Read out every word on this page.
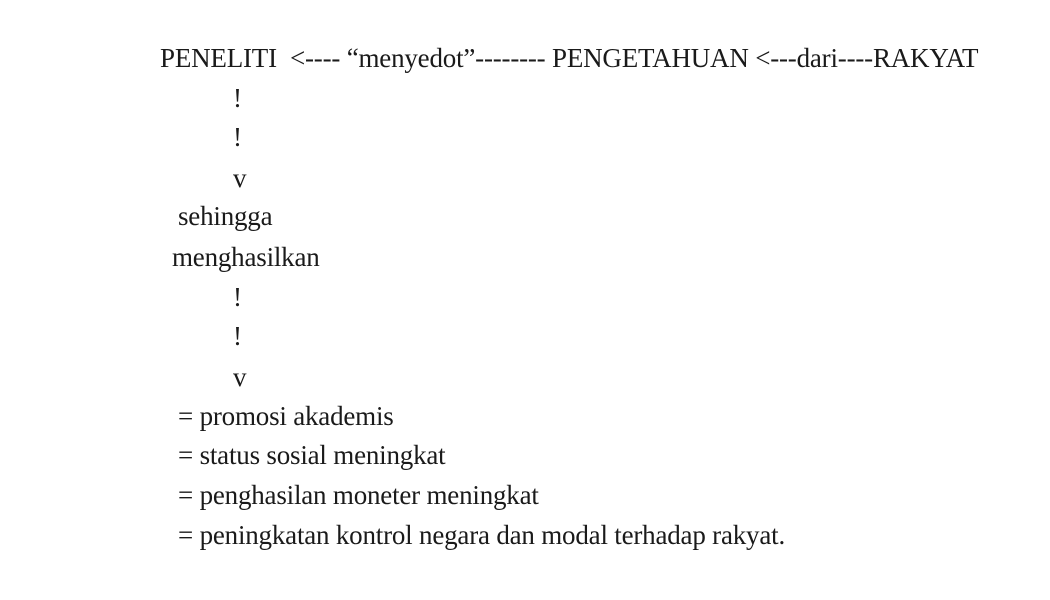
PENELITI  <---- “menyedot”-------- PENGETAHUAN <---dari----RAKYAT
!
!
v
sehingga
menghasilkan
!
!
v
= promosi akademis
= status sosial meningkat
= penghasilan moneter meningkat
= peningkatan kontrol negara dan modal terhadap rakyat.
